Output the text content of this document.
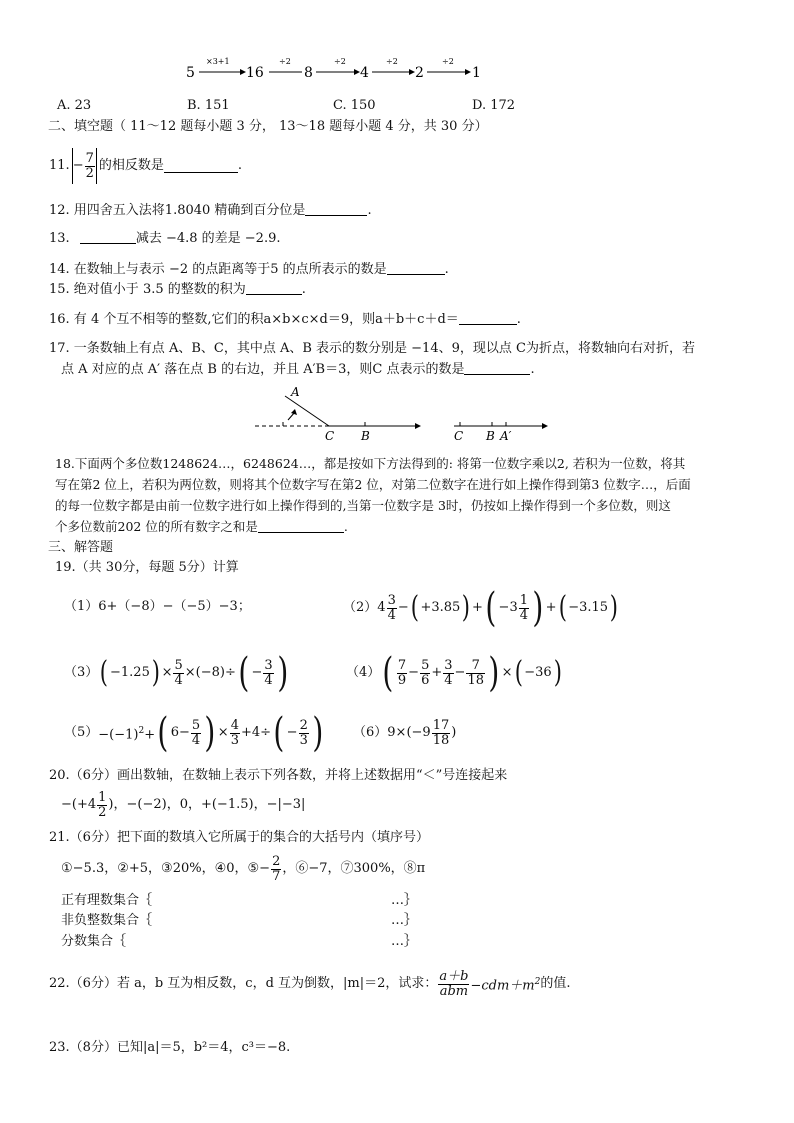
5
×3+1
16
÷2
8
÷2
4
÷2
2
÷2
1
A. 23	B. 151	C. 150	D. 172
二、填空题（ 11～12 题每小题 3 分， 13～18 题每小题 4 分，共 30 分）
11. − $\frac{7}{2}$ 的相反数是	.
12. 用四舍五入法将1.8040 精确到百分位是	.
13.	减去 −4.8 的差是 −2.9.
14. 在数轴上与表示 −2 的点距离等于5 的点所表示的数是	.
15. 绝对值小于 3.5 的整数的积为	.
16. 有 4 个互不相等的整数,它们的积a×b×c×d＝9，则a＋b＋c＋d＝	.
17. 一条数轴上有点 A、B、C，其中点 A、B 表示的数分别是 −14、9，现以点 C为折点，将数轴向右对折，若
点 A 对应的点 A′ 落在点 B 的右边，并且 A′B＝3，则C 点表示的数是	.
A
C B	C B A′
18.下面两个多位数1248624…，6248624…，都是按如下方法得到的: 将第一位数字乘以2, 若积为一位数，将其
写在第2 位上，若积为两位数，则将其个位数字写在第2 位，对第二位数字在进行如上操作得到第3 位数字…，后面
的每一位数字都是由前一位数字进行如上操作得到的,当第一位数字是 3时，仍按如上操作得到一个多位数，则这
个多位数前202 位的所有数字之和是	.
三、解答题
19.（共 30分，每题 5分）计算
（1）6+（−8）−（−5）−3；	（2） $4 \frac{3}{4}$ − ( +3.85 ) + ( $-3 \frac{1}{4}$ ) + ( −3.15 )
（3） ( −1.25 ) × $\frac{5}{4} \times(-8)\div$ ( − $\frac{3}{4}$ )	（4） ( $\frac{7}{9} - \frac{5}{6} + \frac{3}{4} - \frac{7}{18}$ ) × ( −36 )
$(5) -(-1)^2+$ ( $6- \frac{5}{4}$ ) × $\frac{4}{3} +4\div$ ( − $\frac{2}{3}$ ) （6） $9\times(-9 \frac{17}{18}$ )
20.（6分）画出数轴，在数轴上表示下列各数，并将上述数据用“＜”号连接起来
$-(+4 \frac{1}{2}$ ) ，−(−2)，0，+(−1.5)，−|−3|
21.（6分）把下面的数填入它所属于的集合的大括号内（填序号）
①−5.3，②+5，③20%，④0，⑤− $\frac{2}{7}$ ，⑥−7，⑦300%，⑧π
正有理数集合｛	…｝
非负整数集合｛	…｝
分数集合｛	…｝
22.（6分）若 a，b 互为相反数，c，d 互为倒数，|m|＝2，试求： $\frac{a+b}{\text{abm}} -cdm+m^2$ 的值.
23.（8分）已知|a|＝5，b²＝4，c³＝−8.
